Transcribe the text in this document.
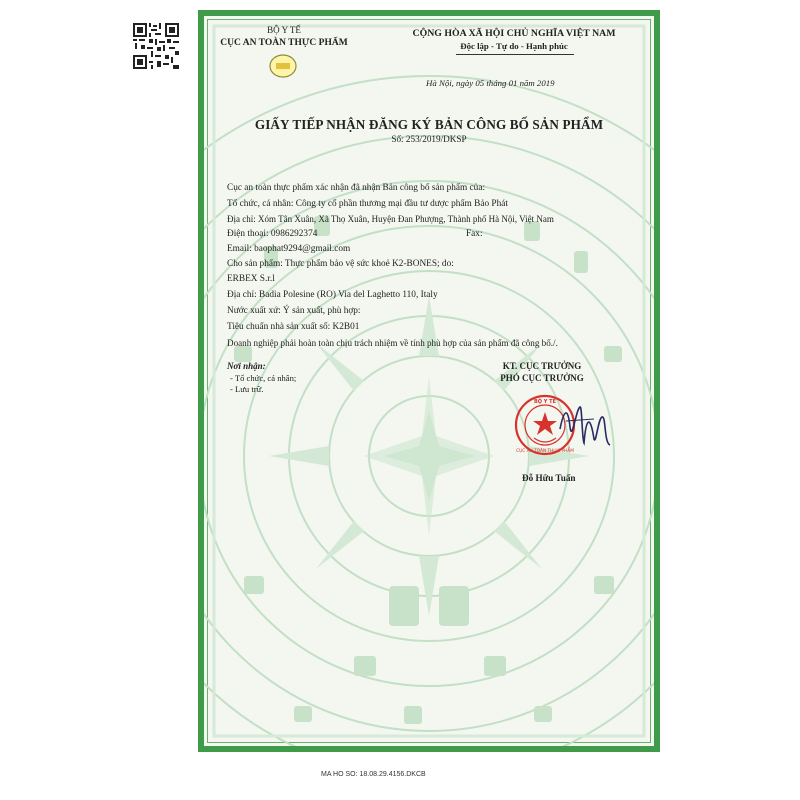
BỘ Y TẾ
CỤC AN TOÀN THỰC PHẨM
CỘNG HÒA XÃ HỘI CHỦ NGHĨA VIỆT NAM
Độc lập - Tự do - Hạnh phúc
Hà Nội, ngày 05 tháng 01 năm 2019
GIẤY TIẾP NHẬN ĐĂNG KÝ BẢN CÔNG BỐ SẢN PHẨM
Số: 253/2019/DKSP
Cục an toàn thực phẩm xác nhận đã nhận Bản công bố sản phẩm của:
Tổ chức, cá nhân: Công ty cổ phần thương mại đầu tư dược phẩm Bảo Phát
Địa chỉ: Xóm Tân Xuân, Xã Thọ Xuân, Huyện Đan Phượng, Thành phố Hà Nội, Việt Nam
Điện thoại: 0986292374	Fax:
Email: baophat9294@gmail.com
Cho sản phẩm: Thực phẩm bảo vệ sức khoẻ K2-BONES; do:
ERBEX S.r.l
Địa chỉ: Badia Polesine (RO) Via del Laghetto 110, Italy
Nước xuất xứ: Ý sản xuất, phù hợp:
Tiêu chuẩn nhà sản xuất số: K2B01
Doanh nghiệp phải hoàn toàn chịu trách nhiệm về tính phù hợp của sản phẩm đã công bố./.
Nơi nhận:
- Tổ chức, cá nhân;
- Lưu trữ.
KT. CỤC TRƯỞNG
PHÓ CỤC TRƯỞNG
BỘ Y TẾ
CỤC AN TOÀN THỰC PHẨM
Đỗ Hữu Tuấn
MA HO SO: 18.08.29.4156.DKCB
